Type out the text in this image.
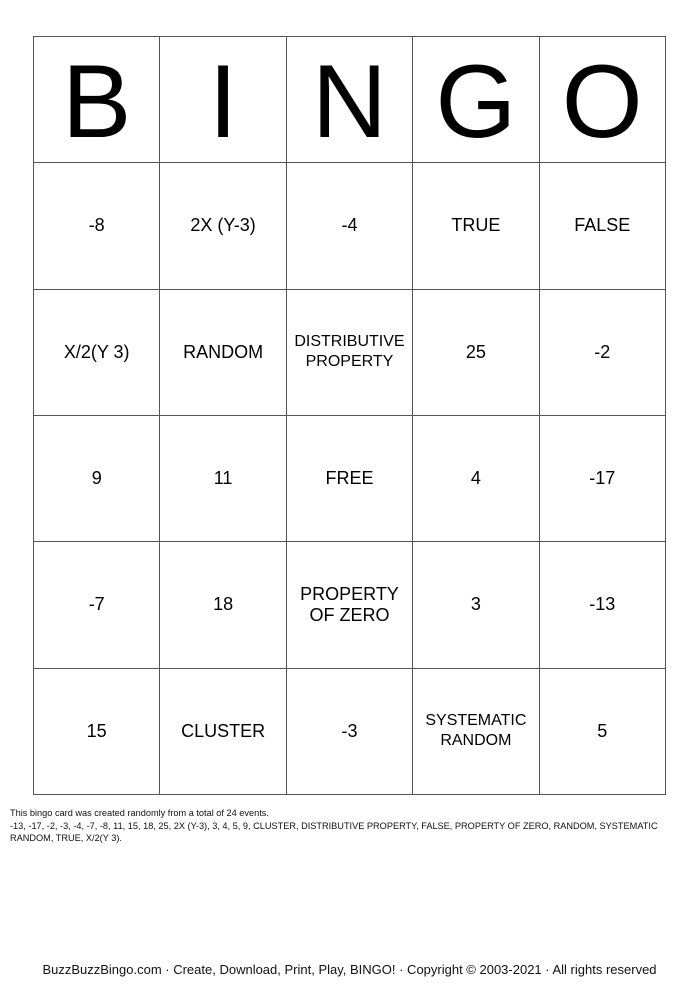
B	I	N	G	O
-8	2X (Y-3)	-4	TRUE	FALSE
X/2(Y 3)	RANDOM	DISTRIBUTIVE PROPERTY	25	-2
9	11	FREE	4	-17
-7	18	PROPERTY OF ZERO	3	-13
15	CLUSTER	-3	SYSTEMATIC RANDOM	5
This bingo card was created randomly from a total of 24 events.
-13, -17, -2, -3, -4, -7, -8, 11, 15, 18, 25, 2X (Y-3), 3, 4, 5, 9, CLUSTER, DISTRIBUTIVE PROPERTY, FALSE, PROPERTY OF ZERO, RANDOM, SYSTEMATIC RANDOM, TRUE, X/2(Y 3).
BuzzBuzzBingo.com · Create, Download, Print, Play, BINGO! · Copyright © 2003-2021 · All rights reserved
